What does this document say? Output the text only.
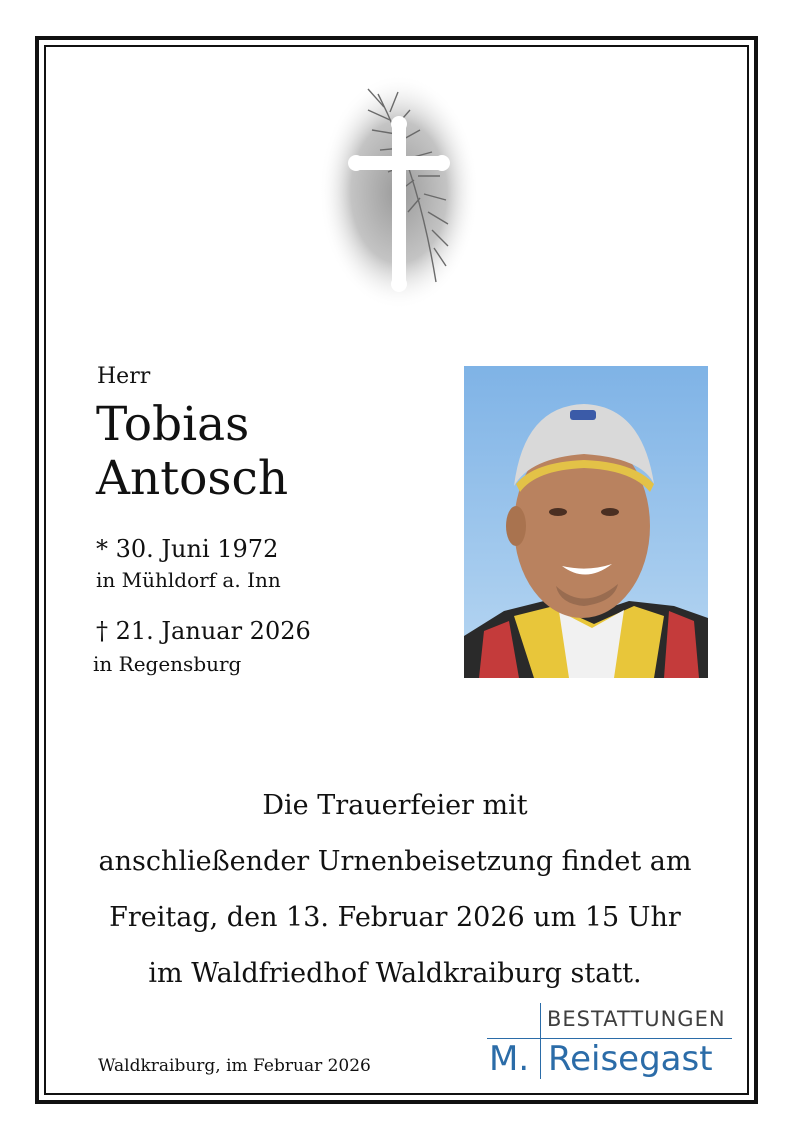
Herr
Tobias
Antosch
* 30. Juni 1972
in Mühldorf a. Inn
† 21. Januar 2026
in Regensburg
Die Trauerfeier mit
anschließender Urnenbeisetzung findet am
Freitag, den 13. Februar 2026 um 15 Uhr
im Waldfriedhof Waldkraiburg statt.
Waldkraiburg, im Februar 2026
BESTATTUNGEN
M. Reisegast
